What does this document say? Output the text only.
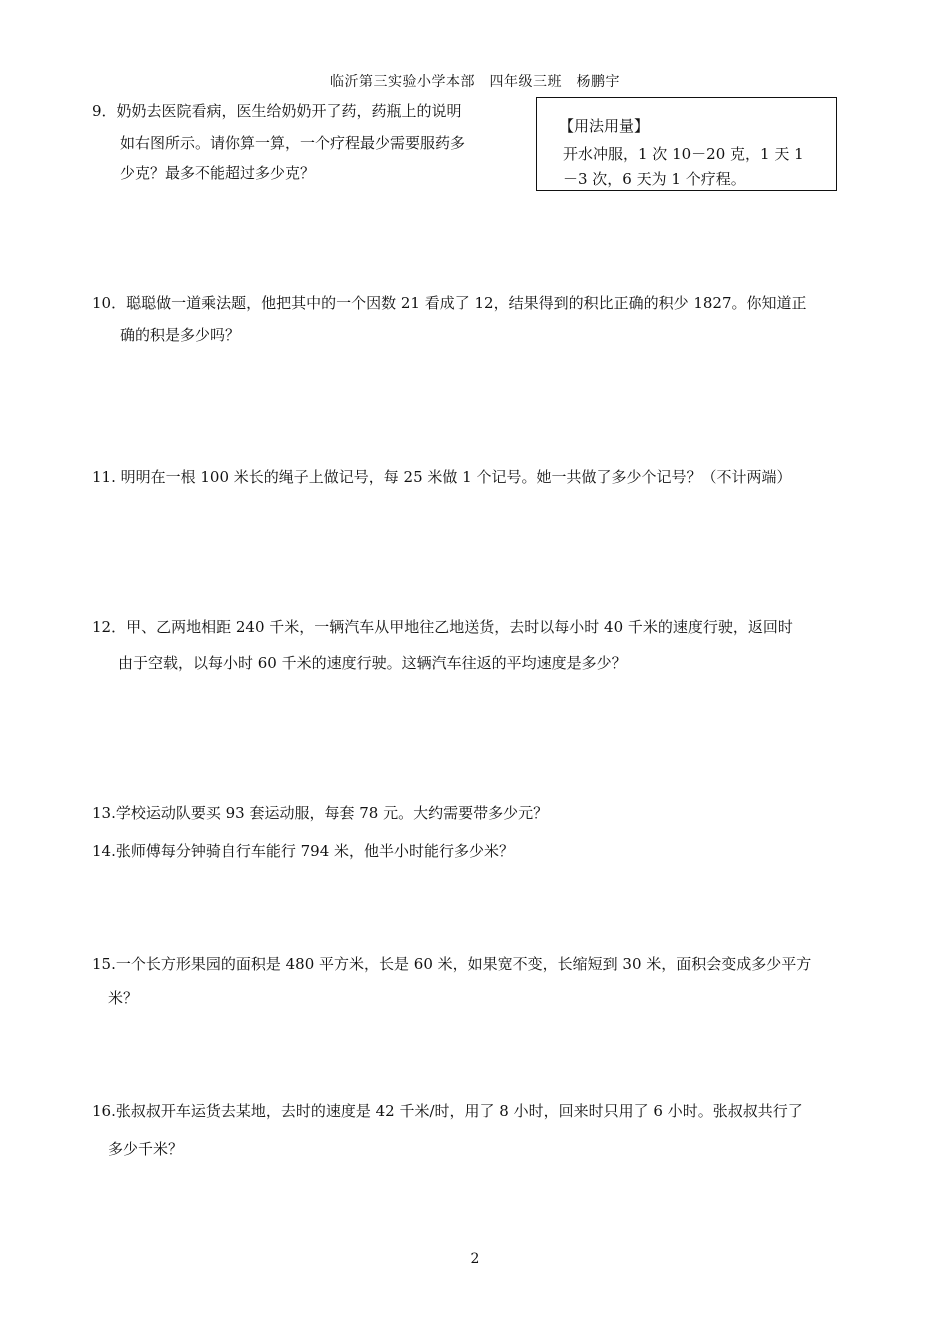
临沂第三实验小学本部　四年级三班　杨鹏宇
9．奶奶去医院看病，医生给奶奶开了药，药瓶上的说明
如右图所示。请你算一算，一个疗程最少需要服药多
少克？最多不能超过多少克？
【用法用量】
开水冲服，1 次 10－20 克，1 天 1
－3 次，6 天为 1 个疗程。
10．聪聪做一道乘法题，他把其中的一个因数 21 看成了 12，结果得到的积比正确的积少 1827。你知道正
确的积是多少吗？
11. 明明在一根 100 米长的绳子上做记号，每 25 米做 1 个记号。她一共做了多少个记号？（不计两端）
12．甲、乙两地相距 240 千米，一辆汽车从甲地往乙地送货，去时以每小时 40 千米的速度行驶，返回时
由于空载，以每小时 60 千米的速度行驶。这辆汽车往返的平均速度是多少？
13.学校运动队要买 93 套运动服，每套 78 元。大约需要带多少元？
14.张师傅每分钟骑自行车能行 794 米，他半小时能行多少米？
15.一个长方形果园的面积是 480 平方米，长是 60 米，如果宽不变，长缩短到 30 米，面积会变成多少平方
米？
16.张叔叔开车运货去某地，去时的速度是 42 千米/时，用了 8 小时，回来时只用了 6 小时。张叔叔共行了
多少千米？
2
